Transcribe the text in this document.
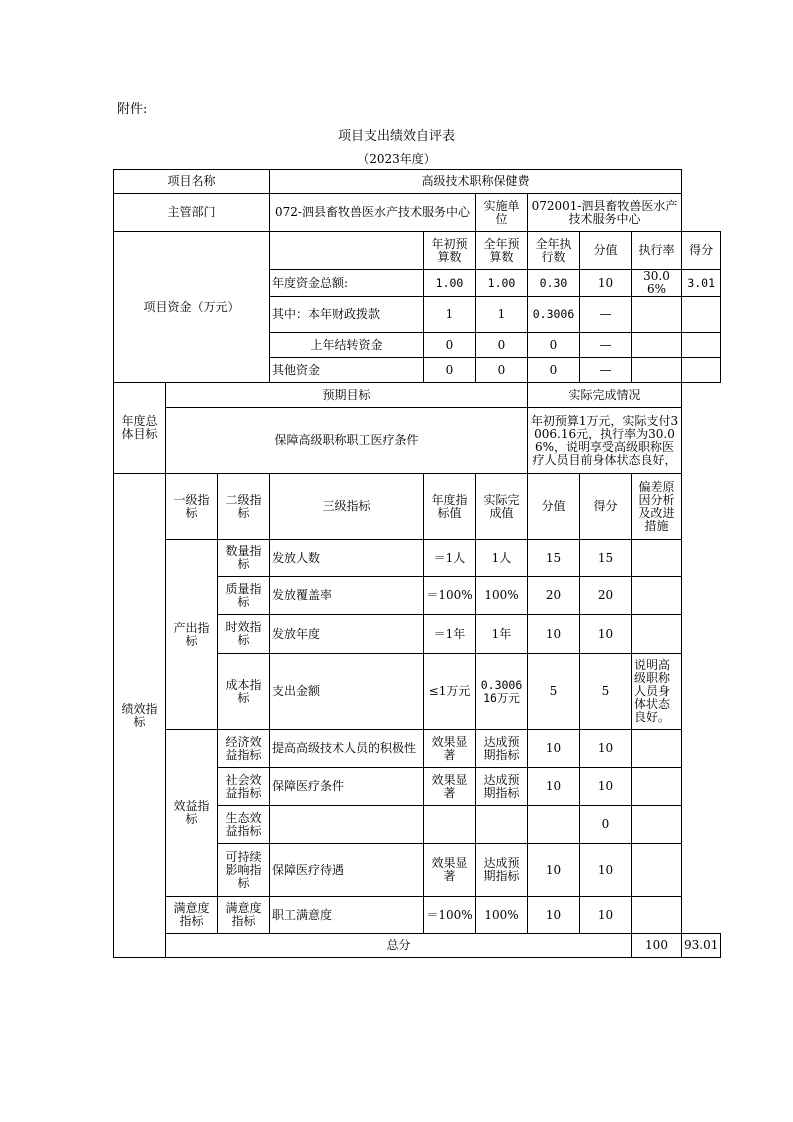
附件:
项目支出绩效自评表
（2023年度）
项目名称			高级技术职称保健费						
主管部门			072-泗县畜牧兽医水产技术服务中心		实施单位	072001-泗县畜牧兽医水产技术服务中心			
项目资金（万元）				年初预算数	全年预算数	全年执行数	分值	执行率	得分
			年度资金总额:	1.00	1.00	0.30	10	30.06%	3.01
			其中：本年财政拨款	1	1	0.3006	—		
			上年结转资金	0	0	0	—		
			其他资金	0	0	0	—		
年度总体目标	预期目标					实际完成情况			
	保障高级职称职工医疗条件					年初预算1万元，实际支付3006.16元，执行率为30.06%，说明享受高级职称医疗人员目前身体状态良好，			
绩效指标	一级指标	二级指标	三级指标	年度指标值	实际完成值	分值	得分	偏差原因分析及改进措施	
	产出指标	数量指标	发放人数	＝1人	1人	15	15		
		质量指标	发放覆盖率	＝100%	100%	20	20		
		时效指标	发放年度	＝1年	1年	10	10		
		成本指标	支出金额	≤1万元	0.300616万元	5	5	说明高级职称人员身体状态良好。	
	效益指标	经济效益指标	提高高级技术人员的积极性	效果显著	达成预期指标	10	10		
		社会效益指标	保障医疗条件	效果显著	达成预期指标	10	10		
		生态效益指标					0		
		可持续影响指标	保障医疗待遇	效果显著	达成预期指标	10	10		
	满意度指标	满意度指标	职工满意度	＝100%	100%	10	10		
	总分							100	93.01
